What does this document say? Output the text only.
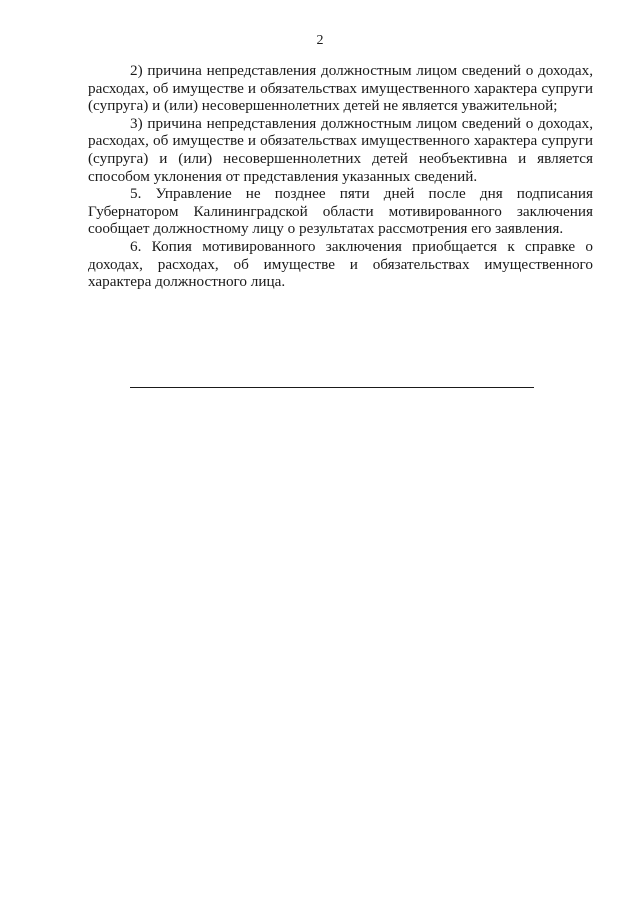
2

2) причина непредставления должностным лицом сведений о доходах, расходах, об имуществе и обязательствах имущественного характера супруги (супруга) и (или) несовершеннолетних детей не является уважительной;

3) причина непредставления должностным лицом сведений о доходах, расходах, об имуществе и обязательствах имущественного характера супруги (супруга) и (или) несовершеннолетних детей необъективна и является способом уклонения от представления указанных сведений.

5. Управление не позднее пяти дней после дня подписания Губернатором Калининградской области мотивированного заключения сообщает должностному лицу о результатах рассмотрения его заявления.

6. Копия мотивированного заключения приобщается к справке о доходах, расходах, об имуществе и обязательствах имущественного характера должностного лица.
